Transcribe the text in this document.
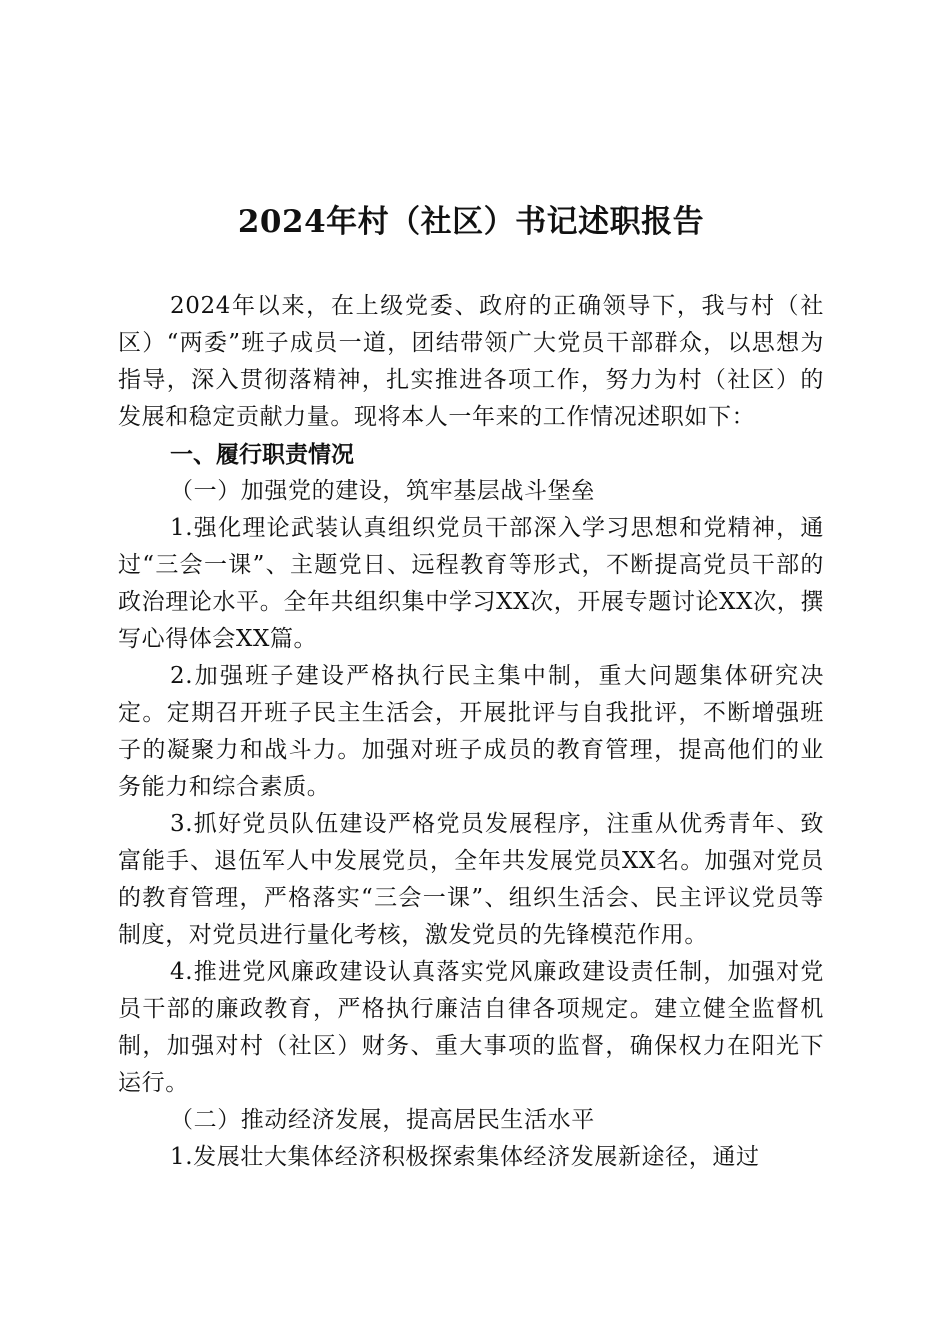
2024年村（社区）书记述职报告

2024年以来，在上级党委、政府的正确领导下，我与村（社区）“两委”班子成员一道，团结带领广大党员干部群众，以思想为指导，深入贯彻落精神，扎实推进各项工作，努力为村（社区）的发展和稳定贡献力量。现将本人一年来的工作情况述职如下：

一、履行职责情况

（一）加强党的建设，筑牢基层战斗堡垒

1.强化理论武装认真组织党员干部深入学习思想和党精神，通过“三会一课”、主题党日、远程教育等形式，不断提高党员干部的政治理论水平。全年共组织集中学习XX次，开展专题讨论XX次，撰写心得体会XX篇。

2.加强班子建设严格执行民主集中制，重大问题集体研究决定。定期召开班子民主生活会，开展批评与自我批评，不断增强班子的凝聚力和战斗力。加强对班子成员的教育管理，提高他们的业务能力和综合素质。

3.抓好党员队伍建设严格党员发展程序，注重从优秀青年、致富能手、退伍军人中发展党员，全年共发展党员XX名。加强对党员的教育管理，严格落实“三会一课”、组织生活会、民主评议党员等制度，对党员进行量化考核，激发党员的先锋模范作用。

4.推进党风廉政建设认真落实党风廉政建设责任制，加强对党员干部的廉政教育，严格执行廉洁自律各项规定。建立健全监督机制，加强对村（社区）财务、重大事项的监督，确保权力在阳光下运行。

（二）推动经济发展，提高居民生活水平

1.发展壮大集体经济积极探索集体经济发展新途径，通过
